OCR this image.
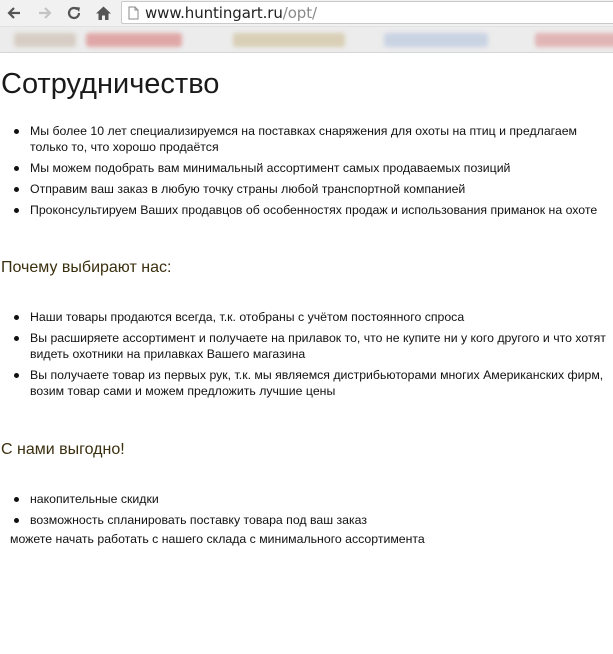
www.huntingart.ru/opt/
Сотрудничество
Мы более 10 лет специализируемся на поставках снаряжения для охоты на птиц и предлагаем только то, что хорошо продаётся
Мы можем подобрать вам минимальный ассортимент самых продаваемых позиций
Отправим ваш заказ в любую точку страны любой транспортной компанией
Проконсультируем Ваших продавцов об особенностях продаж и использования приманок на охоте
Почему выбирают нас:
Наши товары продаются всегда, т.к. отобраны с учётом постоянного спроса
Вы расширяете ассортимент и получаете на прилавок то, что не купите ни у кого другого и что хотят видеть охотники на прилавках Вашего магазина
Вы получаете товар из первых рук, т.к. мы являемся дистрибьюторами многих Американских фирм, возим товар сами и можем предложить лучшие цены
С нами выгодно!
накопительные скидки
возможность спланировать поставку товара под ваш заказ

можете начать работать с нашего склада с минимального ассортимента
